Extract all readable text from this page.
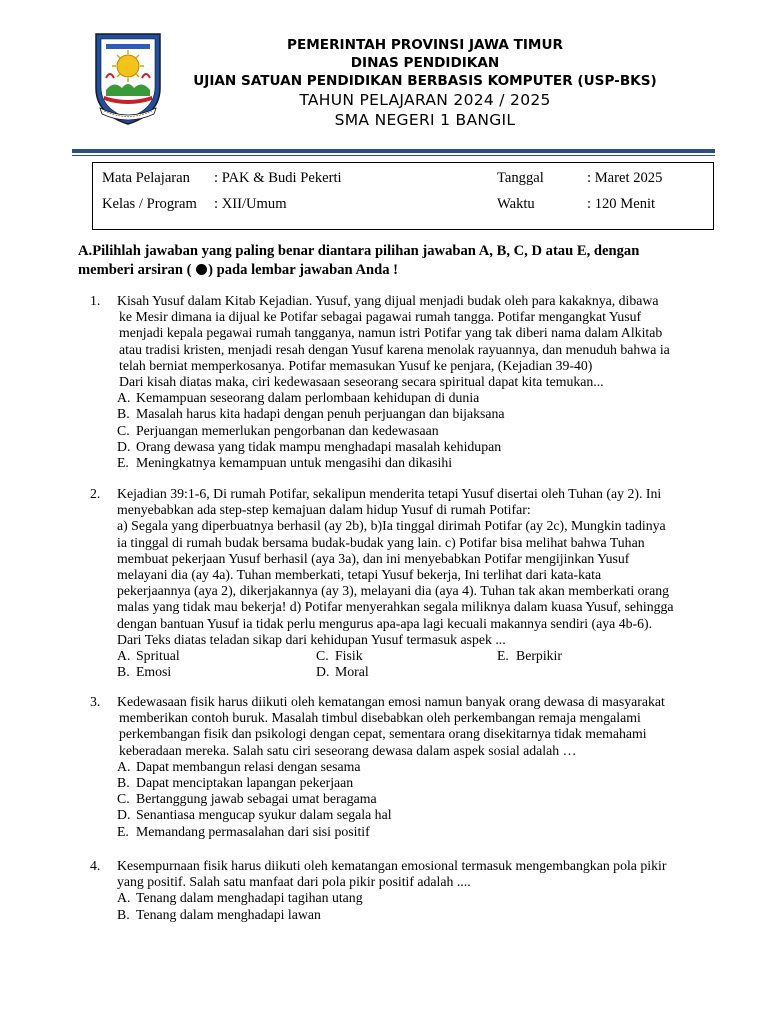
PEMERINTAH PROVINSI JAWA TIMUR
DINAS PENDIDIKAN
UJIAN SATUAN PENDIDIKAN BERBASIS KOMPUTER (USP-BKS)
TAHUN PELAJARAN 2024 / 2025
SMA NEGERI 1 BANGIL
Mata Pelajaran : PAK & Budi Pekerti
Kelas / Program : XII/Umum
Tanggal	: Maret 2025
Waktu	: 120 Menit
A.Pilihlah jawaban yang paling benar diantara pilihan jawaban A, B, C, D atau E, dengan
memberi arsiran ( ) pada lembar jawaban Anda !
1. Kisah Yusuf dalam Kitab Kejadian. Yusuf, yang dijual menjadi budak oleh para kakaknya, dibawa
ke Mesir dimana ia dijual ke Potifar sebagai pagawai rumah tangga. Potifar mengangkat Yusuf
menjadi kepala pegawai rumah tangganya, namun istri Potifar yang tak diberi nama dalam Alkitab
atau tradisi kristen, menjadi resah dengan Yusuf karena menolak rayuannya, dan menuduh bahwa ia
telah berniat memperkosanya. Potifar memasukan Yusuf ke penjara, (Kejadian 39-40)
Dari kisah diatas maka, ciri kedewasaan seseorang secara spiritual dapat kita temukan...
A. Kemampuan seseorang dalam perlombaan kehidupan di dunia
B. Masalah harus kita hadapi dengan penuh perjuangan dan bijaksana
C. Perjuangan memerlukan pengorbanan dan kedewasaan
D. Orang dewasa yang tidak mampu menghadapi masalah kehidupan
E. Meningkatnya kemampuan untuk mengasihi dan dikasihi
2. Kejadian 39:1-6, Di rumah Potifar, sekalipun menderita tetapi Yusuf disertai oleh Tuhan (ay 2). Ini
menyebabkan ada step-step kemajuan dalam hidup Yusuf di rumah Potifar:
a) Segala yang diperbuatnya berhasil (ay 2b), b)Ia tinggal dirimah Potifar (ay 2c), Mungkin tadinya
ia tinggal di rumah budak bersama budak-budak yang lain. c) Potifar bisa melihat bahwa Tuhan
membuat pekerjaan Yusuf berhasil (aya 3a), dan ini menyebabkan Potifar mengijinkan Yusuf
melayani dia (ay 4a). Tuhan memberkati, tetapi Yusuf bekerja, Ini terlihat dari kata-kata
pekerjaannya (aya 2), dikerjakannya (ay 3), melayani dia (aya 4). Tuhan tak akan memberkati orang
malas yang tidak mau bekerja! d) Potifar menyerahkan segala miliknya dalam kuasa Yusuf, sehingga
dengan bantuan Yusuf ia tidak perlu mengurus apa-apa lagi kecuali makannya sendiri (aya 4b-6).
Dari Teks diatas teladan sikap dari kehidupan Yusuf termasuk aspek ...
A. Spritual	C. Fisik	E. Berpikir
B. Emosi	D. Moral
3. Kedewasaan fisik harus diikuti oleh kematangan emosi namun banyak orang dewasa di masyarakat
memberikan contoh buruk. Masalah timbul disebabkan oleh perkembangan remaja mengalami
perkembangan fisik dan psikologi dengan cepat, sementara orang disekitarnya tidak memahami
keberadaan mereka. Salah satu ciri seseorang dewasa dalam aspek sosial adalah …
A. Dapat membangun relasi dengan sesama
B. Dapat menciptakan lapangan pekerjaan
C. Bertanggung jawab sebagai umat beragama
D. Senantiasa mengucap syukur dalam segala hal
E. Memandang permasalahan dari sisi positif
4. Kesempurnaan fisik harus diikuti oleh kematangan emosional termasuk mengembangkan pola pikir
yang positif. Salah satu manfaat dari pola pikir positif adalah ....
A. Tenang dalam menghadapi tagihan utang
B. Tenang dalam menghadapi lawan
